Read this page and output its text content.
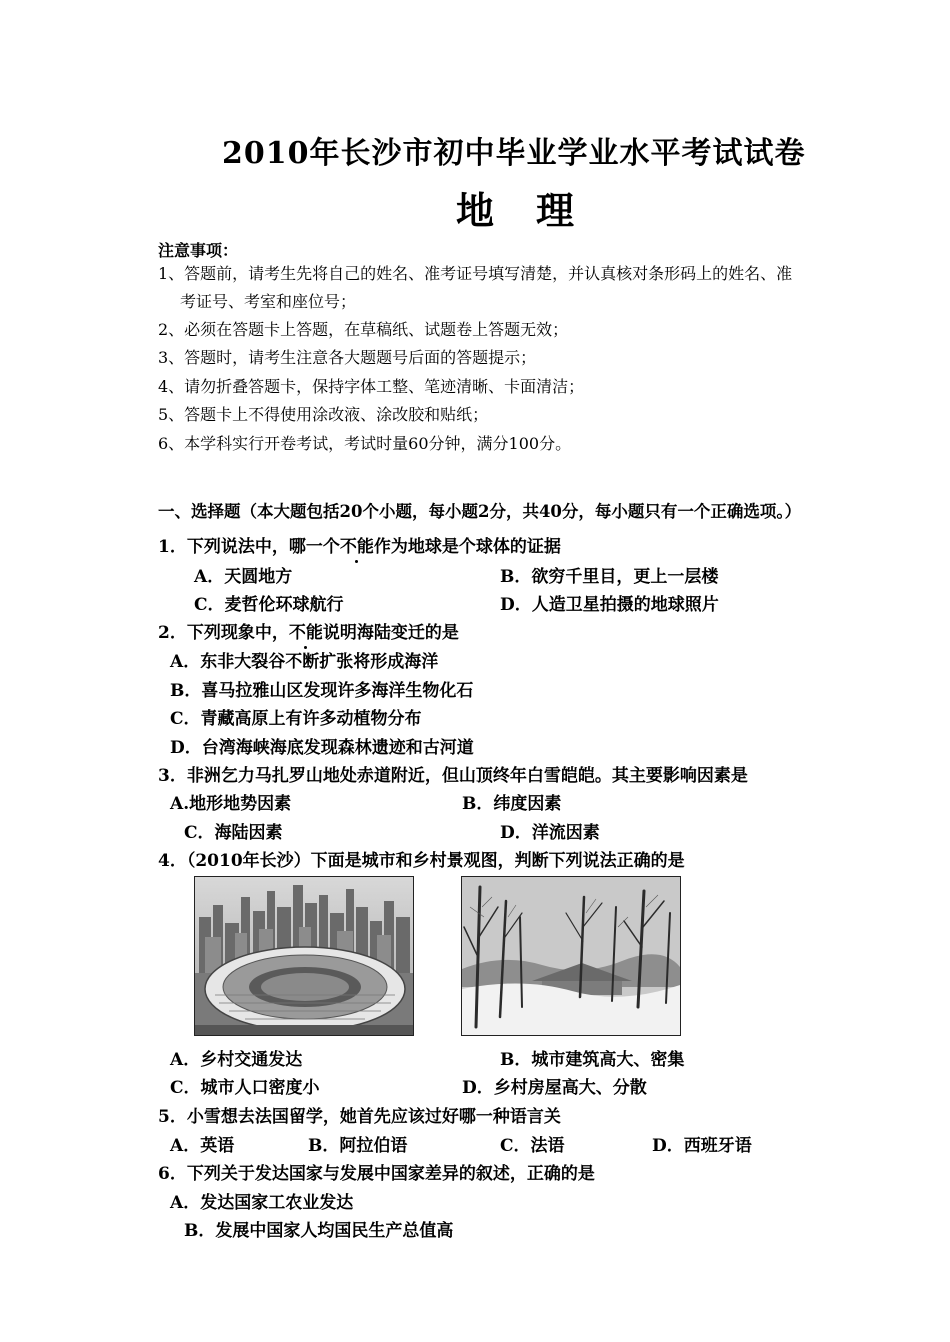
2010年长沙市初中毕业学业水平考试试卷
地理
注意事项：
1、答题前，请考生先将自己的姓名、准考证号填写清楚，并认真核对条形码上的姓名、准
考证号、考室和座位号；
2、必须在答题卡上答题，在草稿纸、试题卷上答题无效；
3、答题时，请考生注意各大题题号后面的答题提示；
4、请勿折叠答题卡，保持字体工整、笔迹清晰、卡面清洁；
5、答题卡上不得使用涂改液、涂改胶和贴纸；
6、本学科实行开卷考试，考试时量60分钟，满分100分。
一、选择题（本大题包括20个小题，每小题2分，共40分，每小题只有一个正确选项。）
1．下列说法中，哪一个不能作为地球是个球体的证据
A．天圆地方	B．欲穷千里目，更上一层楼
C．麦哲伦环球航行	D．人造卫星拍摄的地球照片
2．下列现象中，不能说明海陆变迁的是
A．东非大裂谷不断扩张将形成海洋
B．喜马拉雅山区发现许多海洋生物化石
C．青藏高原上有许多动植物分布
D．台湾海峡海底发现森林遗迹和古河道
3．非洲乞力马扎罗山地处赤道附近，但山顶终年白雪皑皑。其主要影响因素是
A.地形地势因素	B．纬度因素
C．海陆因素	D．洋流因素
4．（2010年长沙）下面是城市和乡村景观图，判断下列说法正确的是
A．乡村交通发达	B．城市建筑高大、密集
C．城市人口密度小	D．乡村房屋高大、分散
5．小雪想去法国留学，她首先应该过好哪一种语言关
A．英语	B．阿拉伯语	C．法语	D．西班牙语
6．下列关于发达国家与发展中国家差异的叙述，正确的是
A．发达国家工农业发达
B．发展中国家人均国民生产总值高
